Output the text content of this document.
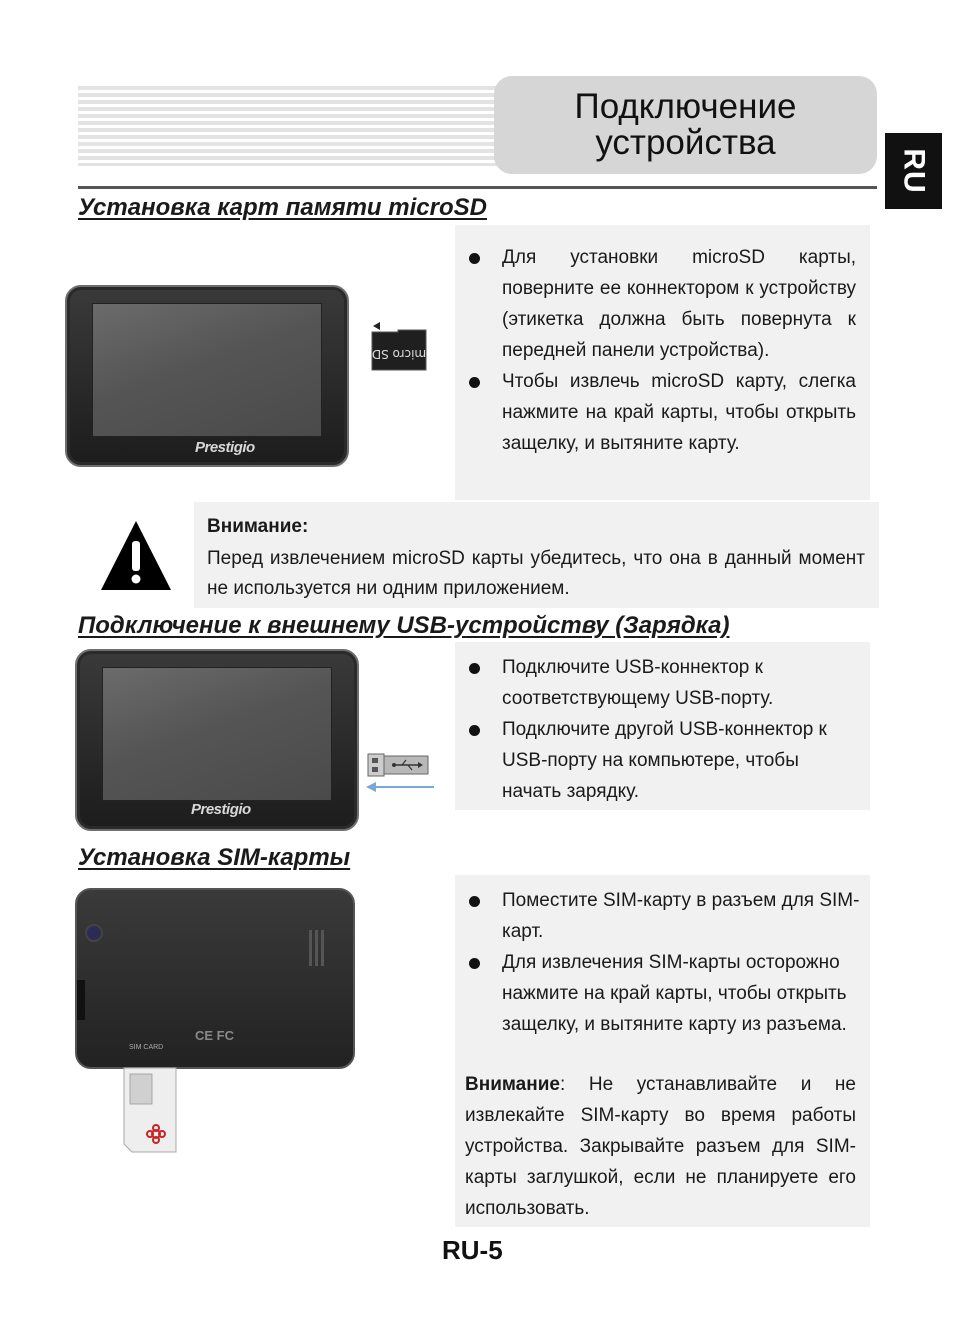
Подключение
устройства
RU
Установка карт памяти microSD
Prestigio
micro SD
Для установки microSD карты, поверните ее коннектором к устройству (этикетка должна быть повернута к передней панели устройства).
Чтобы извлечь microSD карту, слегка нажмите на край карты, чтобы открыть защелку, и вытяните карту.
Внимание:
Перед извлечением microSD карты убедитесь, что она в данный момент не используется ни одним приложением.
Подключение к внешнему USB-устройству (Зарядка)
Prestigio
Подключите USB-коннектор к соответствующему USB-порту.
Подключите другой USB-коннектор к USB-порту на компьютере, чтобы начать зарядку.
Установка SIM-карты
SIM CARD
CE FC
Поместите SIM-карту в разъем для SIM-карт.
Для извлечения SIM-карты осторожно нажмите на край карты, чтобы открыть защелку, и вытяните карту из разъема.
Внимание: Не устанавливайте и не извлекайте SIM-карту во время работы устройства. Закрывайте разъем для SIM-карты заглушкой, если не планируете его использовать.
RU-5
